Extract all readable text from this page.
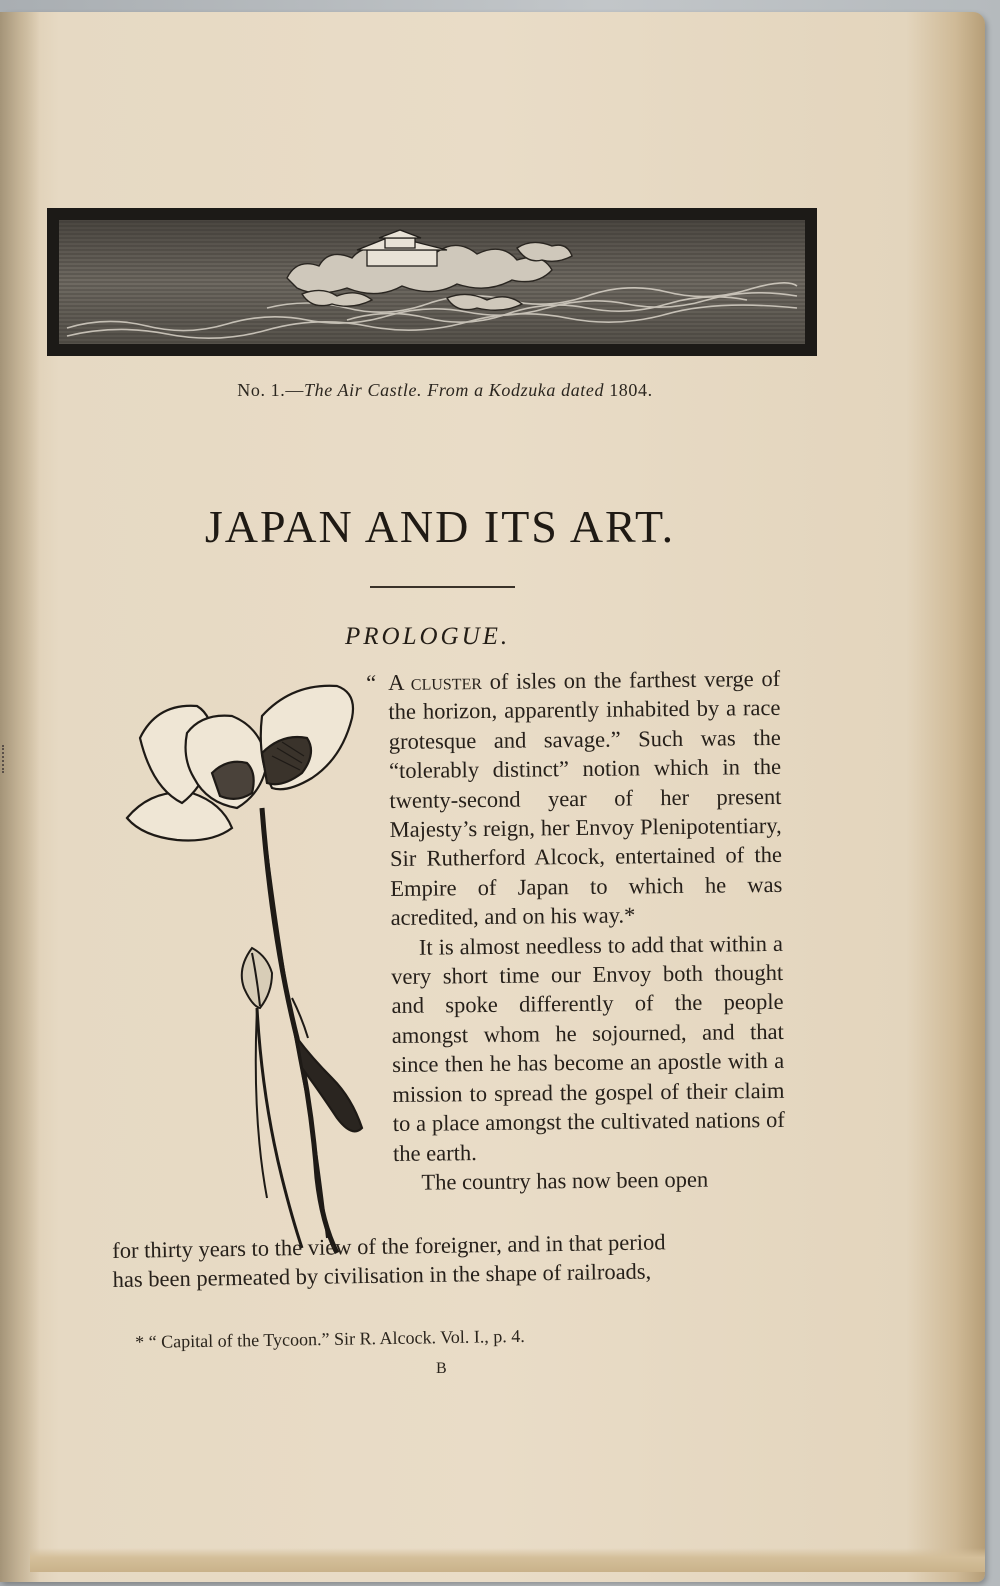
No. 1.—The Air Castle. From a Kodzuka dated 1804.
JAPAN AND ITS ART.
PROLOGUE.

“ A cluster of isles on the farthest verge of the horizon, apparently inhabited by a race grotesque and savage.” Such was the “tolerably distinct” notion which in the twenty-second year of her present Majesty’s reign, her Envoy Plenipotentiary, Sir Rutherford Alcock, entertained of the Empire of Japan to which he was acredited, and on his way.*

It is almost needless to add that within a very short time our Envoy both thought and spoke differently of the people amongst whom he sojourned, and that since then he has become an apostle with a mission to spread the gospel of their claim to a place amongst the cultivated nations of the earth.

The country has now been open

for thirty years to the view of the foreigner, and in that period
has been permeated by civilisation in the shape of railroads,
* “ Capital of the Tycoon.” Sir R. Alcock. Vol. I., p. 4.
B
